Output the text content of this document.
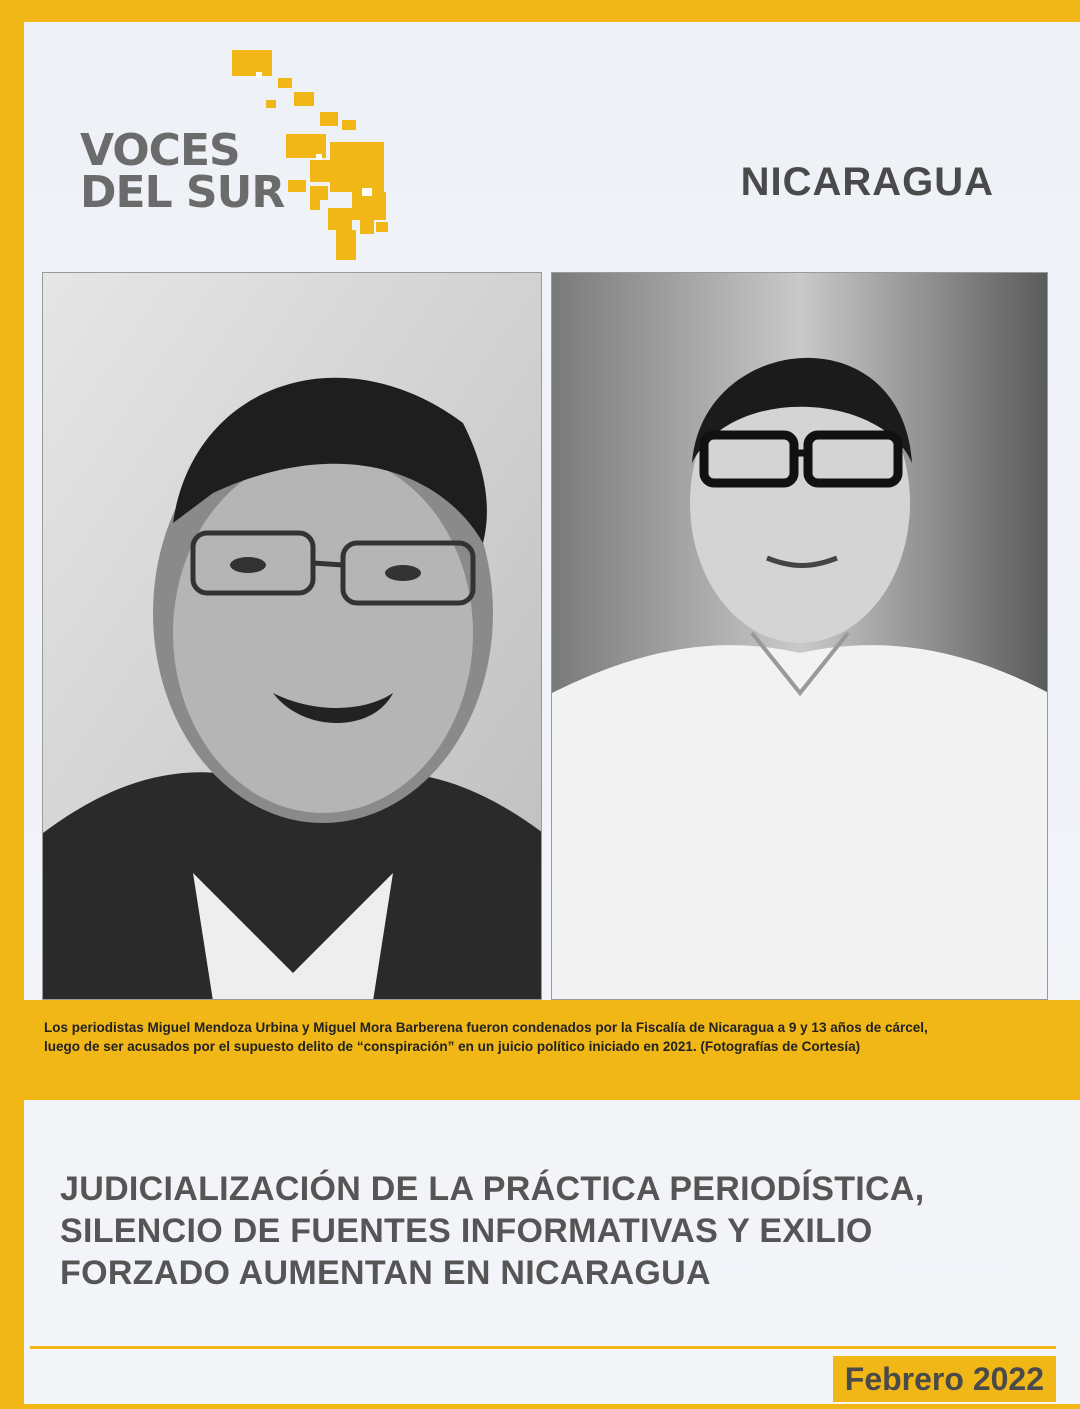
VOCES
DEL SUR	NICARAGUA

Los periodistas Miguel Mendoza Urbina y Miguel Mora Barberena fueron condenados por la Fiscalía de Nicaragua a 9 y 13 años de cárcel,
luego de ser acusados por el supuesto delito de “conspiración” en un juicio político iniciado en 2021. (Fotografías de Cortesía)

JUDICIALIZACIÓN DE LA PRÁCTICA PERIODÍSTICA,
SILENCIO DE FUENTES INFORMATIVAS Y EXILIO
FORZADO AUMENTAN EN NICARAGUA
Febrero 2022
